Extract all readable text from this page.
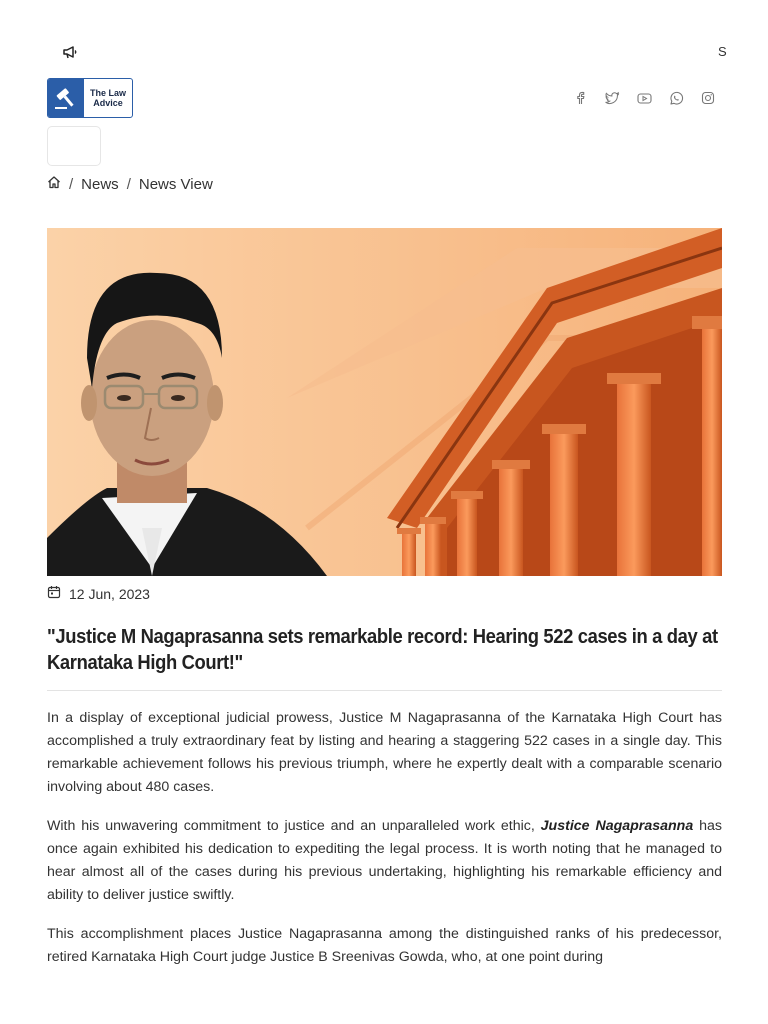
S
The Law
Advice
/ News / News View
12 Jun, 2023
"Justice M Nagaprasanna sets remarkable record: Hearing 522 cases in a day at Karnataka High Court!"

In a display of exceptional judicial prowess, Justice M Nagaprasanna of the Karnataka High Court has accomplished a truly extraordinary feat by listing and hearing a staggering 522 cases in a single day. This remarkable achievement follows his previous triumph, where he expertly dealt with a comparable scenario involving about 480 cases.

With his unwavering commitment to justice and an unparalleled work ethic, Justice Nagaprasanna has once again exhibited his dedication to expediting the legal process. It is worth noting that he managed to hear almost all of the cases during his previous undertaking, highlighting his remarkable efficiency and ability to deliver justice swiftly.

This accomplishment places Justice Nagaprasanna among the distinguished ranks of his predecessor, retired Karnataka High Court judge Justice B Sreenivas Gowda, who, at one point during
